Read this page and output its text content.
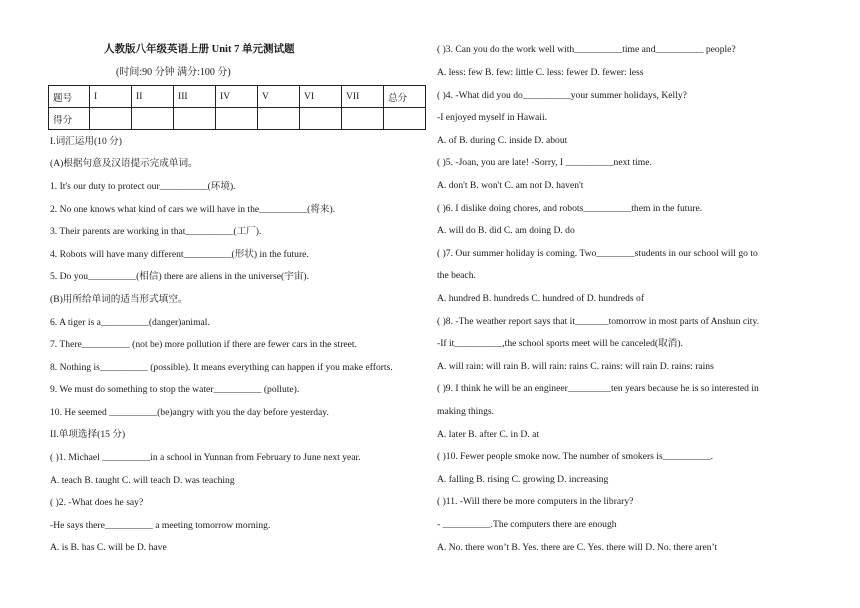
人教版八年级英语上册 Unit 7 单元测试题
(时间:90 分钟 满分:100 分)
题号	I	II	III	IV	V	VI	VII	总分
得分								
I.词汇运用(10 分)
(A)根据句意及汉语提示完成单词。
1. It's our duty to protect our__________(环境).
2. No one knows what kind of cars we will have in the__________(将来).
3. Their parents are working in that__________(工厂).
4. Robots will have many different__________(形状) in the future.
5. Do you__________(相信) there are aliens in the universe(宇宙).
(B)用所给单词的适当形式填空。
6. A tiger is a__________(danger)animal.
7. There__________ (not be) more pollution if there are fewer cars in the street.
8. Nothing is__________ (possible). It means everything can happen if you make efforts.
9. We must do something to stop the water__________ (pollute).
10. He seemed __________(be)angry with you the day before yesterday.
II.单项选择(15 分)
( )1. Michael __________in a school in Yunnan from February to June next year.
A. teach B. taught C. will teach D. was teaching
( )2. -What does he say?
-He says there__________ a meeting tomorrow morning.
A. is B. has C. will be D. have
( )3. Can you do the work well with__________time and__________ people?
A. less: few B. few: little C. less: fewer D. fewer: less
( )4. -What did you do__________your summer holidays, Kelly?
-I enjoyed myself in Hawaii.
A. of B. during C. inside D. about
( )5. -Joan, you are late! -Sorry, I __________next time.
A. don't B. won't C. am not D. haven't
( )6. I dislike doing chores, and robots__________them in the future.
A. will do B. did C. am doing D. do
( )7. Our summer holiday is coming. Two________students in our school will go to
the beach.
A. hundred B. hundreds C. hundred of D. hundreds of
( )8. -The weather report says that it_______tomorrow in most parts of Anshun city.
-If it__________,the school sports meet will be canceled(取消).
A. will rain: will rain B. will rain: rains C. rains: will rain D. rains: rains
( )9. I think he will be an engineer_________ten years because he is so interested in
making things.
A. later B. after C. in D. at
( )10. Fewer people smoke now. The number of smokers is__________.
A. falling B. rising C. growing D. increasing
( )11. -Will there be more computers in the library?
- __________.The computers there are enough
A. No. there won’t B. Yes. there are C. Yes. there will D. No. there aren’t
